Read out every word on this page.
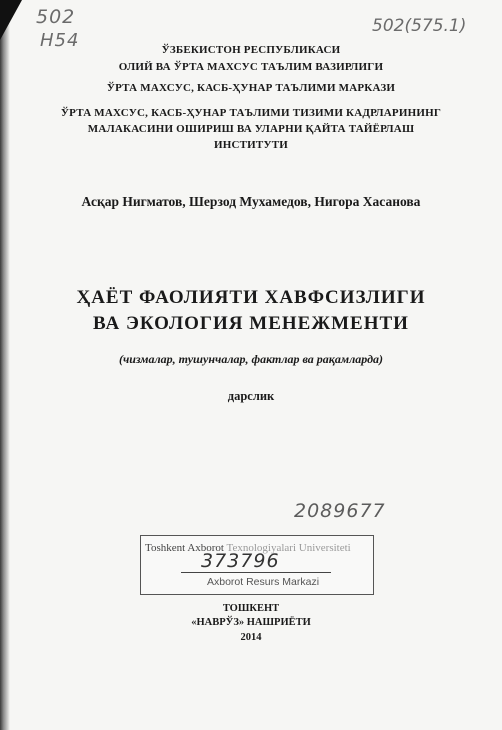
502
Н54
502(575.1)
ЎЗБЕКИСТОН РЕСПУБЛИКАСИ
ОЛИЙ ВА ЎРТА МАХСУС ТАЪЛИМ ВАЗИРЛИГИ
ЎРТА МАХСУС, КАСБ-ҲУНАР ТАЪЛИМИ МАРКАЗИ
ЎРТА МАХСУС, КАСБ-ҲУНАР ТАЪЛИМИ ТИЗИМИ КАДРЛАРИНИНГ
МАЛАКАСИНИ ОШИРИШ ВА УЛАРНИ ҚАЙТА ТАЙЁРЛАШ
ИНСТИТУТИ
Асқар Нигматов, Шерзод Мухамедов, Нигора Хасанова
ҲАЁТ ФАОЛИЯТИ ХАВФСИЗЛИГИ
ВА ЭКОЛОГИЯ МЕНЕЖМЕНТИ
(чизмалар, тушунчалар, фактлар ва рақамларда)
дарслик
2089677
Toshkent Axborot Texnologiyalari Universiteti
373796
Axborot Resurs Markazi
ТОШКЕНТ
«НАВРЎЗ» НАШРИЁТИ
2014
